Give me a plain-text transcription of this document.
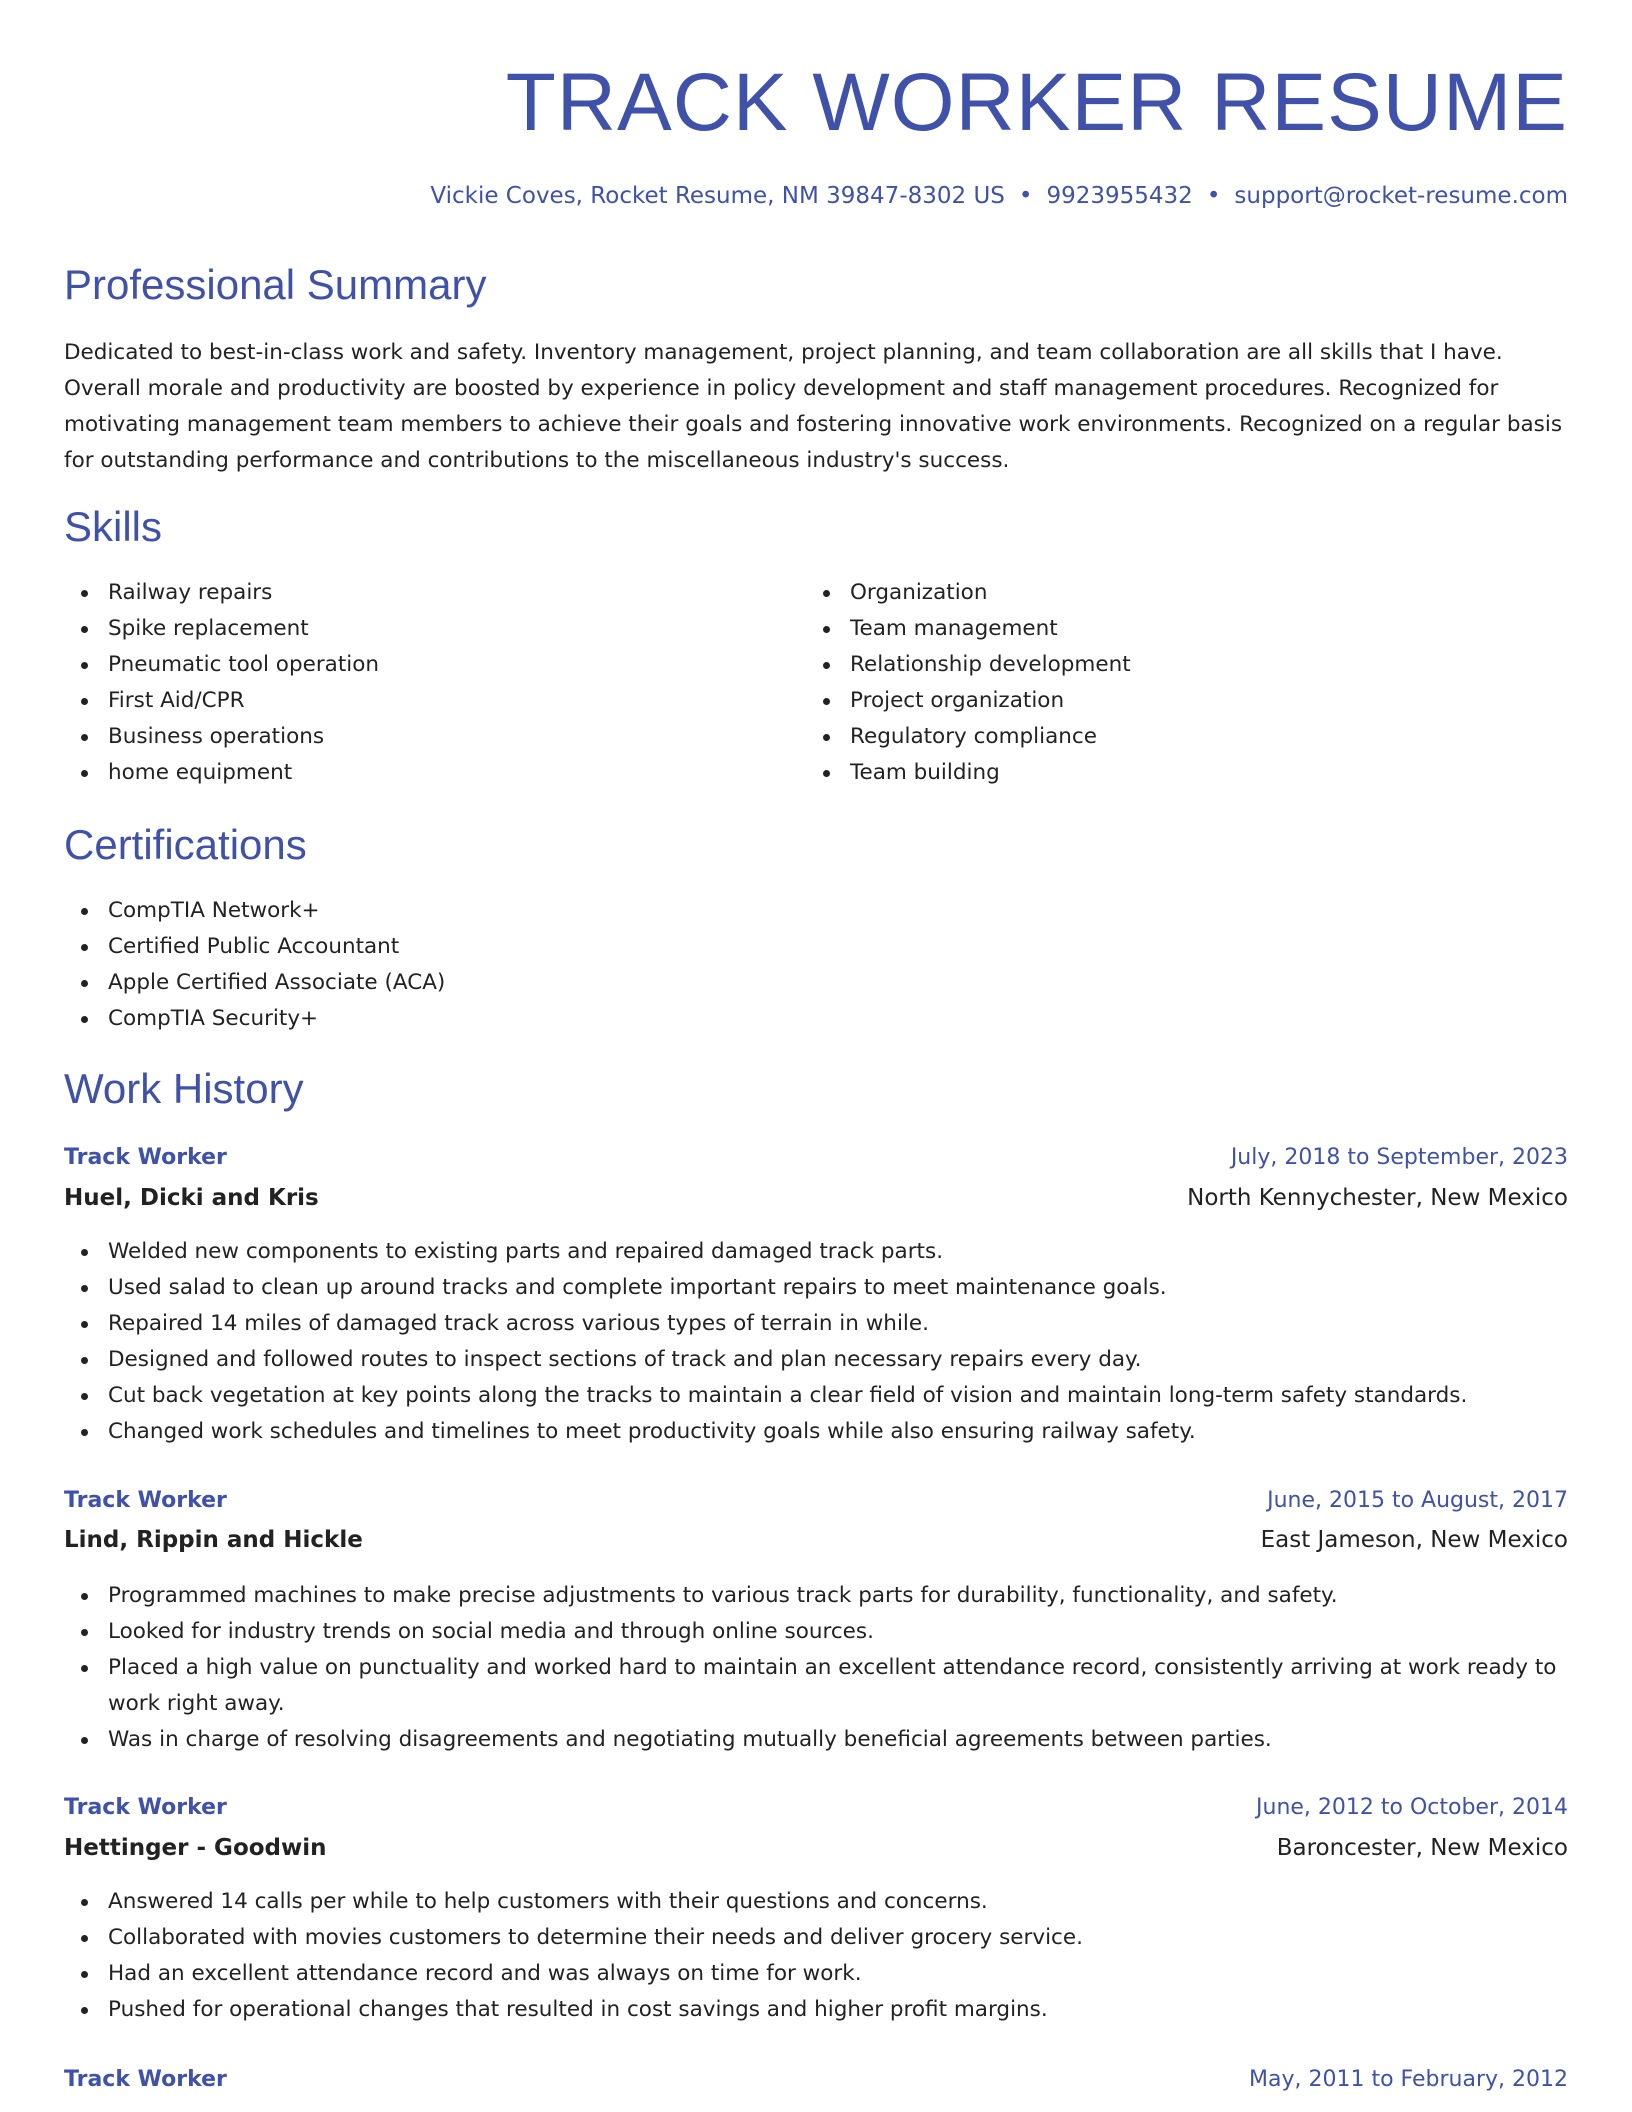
TRACK WORKER RESUME
Vickie Coves, Rocket Resume, NM 39847-8302 US • 9923955432 • support@rocket-resume.com
Professional Summary

Dedicated to best-in-class work and safety. Inventory management, project planning, and team collaboration are all skills that I have. Overall morale and productivity are boosted by experience in policy development and staff management procedures. Recognized for motivating management team members to achieve their goals and fostering innovative work environments. Recognized on a regular basis for outstanding performance and contributions to the miscellaneous industry's success.

Skills
Railway repairs
Spike replacement
Pneumatic tool operation
First Aid/CPR
Business operations
home equipment
Organization
Team management
Relationship development
Project organization
Regulatory compliance
Team building
Certifications
CompTIA Network+
Certified Public Accountant
Apple Certified Associate (ACA)
CompTIA Security+
Work History
Track Worker	July, 2018 to September, 2023
Huel, Dicki and Kris	North Kennychester, New Mexico
Welded new components to existing parts and repaired damaged track parts.
Used salad to clean up around tracks and complete important repairs to meet maintenance goals.
Repaired 14 miles of damaged track across various types of terrain in while.
Designed and followed routes to inspect sections of track and plan necessary repairs every day.
Cut back vegetation at key points along the tracks to maintain a clear field of vision and maintain long-term safety standards.
Changed work schedules and timelines to meet productivity goals while also ensuring railway safety.
Track Worker	June, 2015 to August, 2017
Lind, Rippin and Hickle	East Jameson, New Mexico
Programmed machines to make precise adjustments to various track parts for durability, functionality, and safety.
Looked for industry trends on social media and through online sources.
Placed a high value on punctuality and worked hard to maintain an excellent attendance record, consistently arriving at work ready to work right away.
Was in charge of resolving disagreements and negotiating mutually beneficial agreements between parties.
Track Worker	June, 2012 to October, 2014
Hettinger - Goodwin	Baroncester, New Mexico
Answered 14 calls per while to help customers with their questions and concerns.
Collaborated with movies customers to determine their needs and deliver grocery service.
Had an excellent attendance record and was always on time for work.
Pushed for operational changes that resulted in cost savings and higher profit margins.
Track Worker	May, 2011 to February, 2012
